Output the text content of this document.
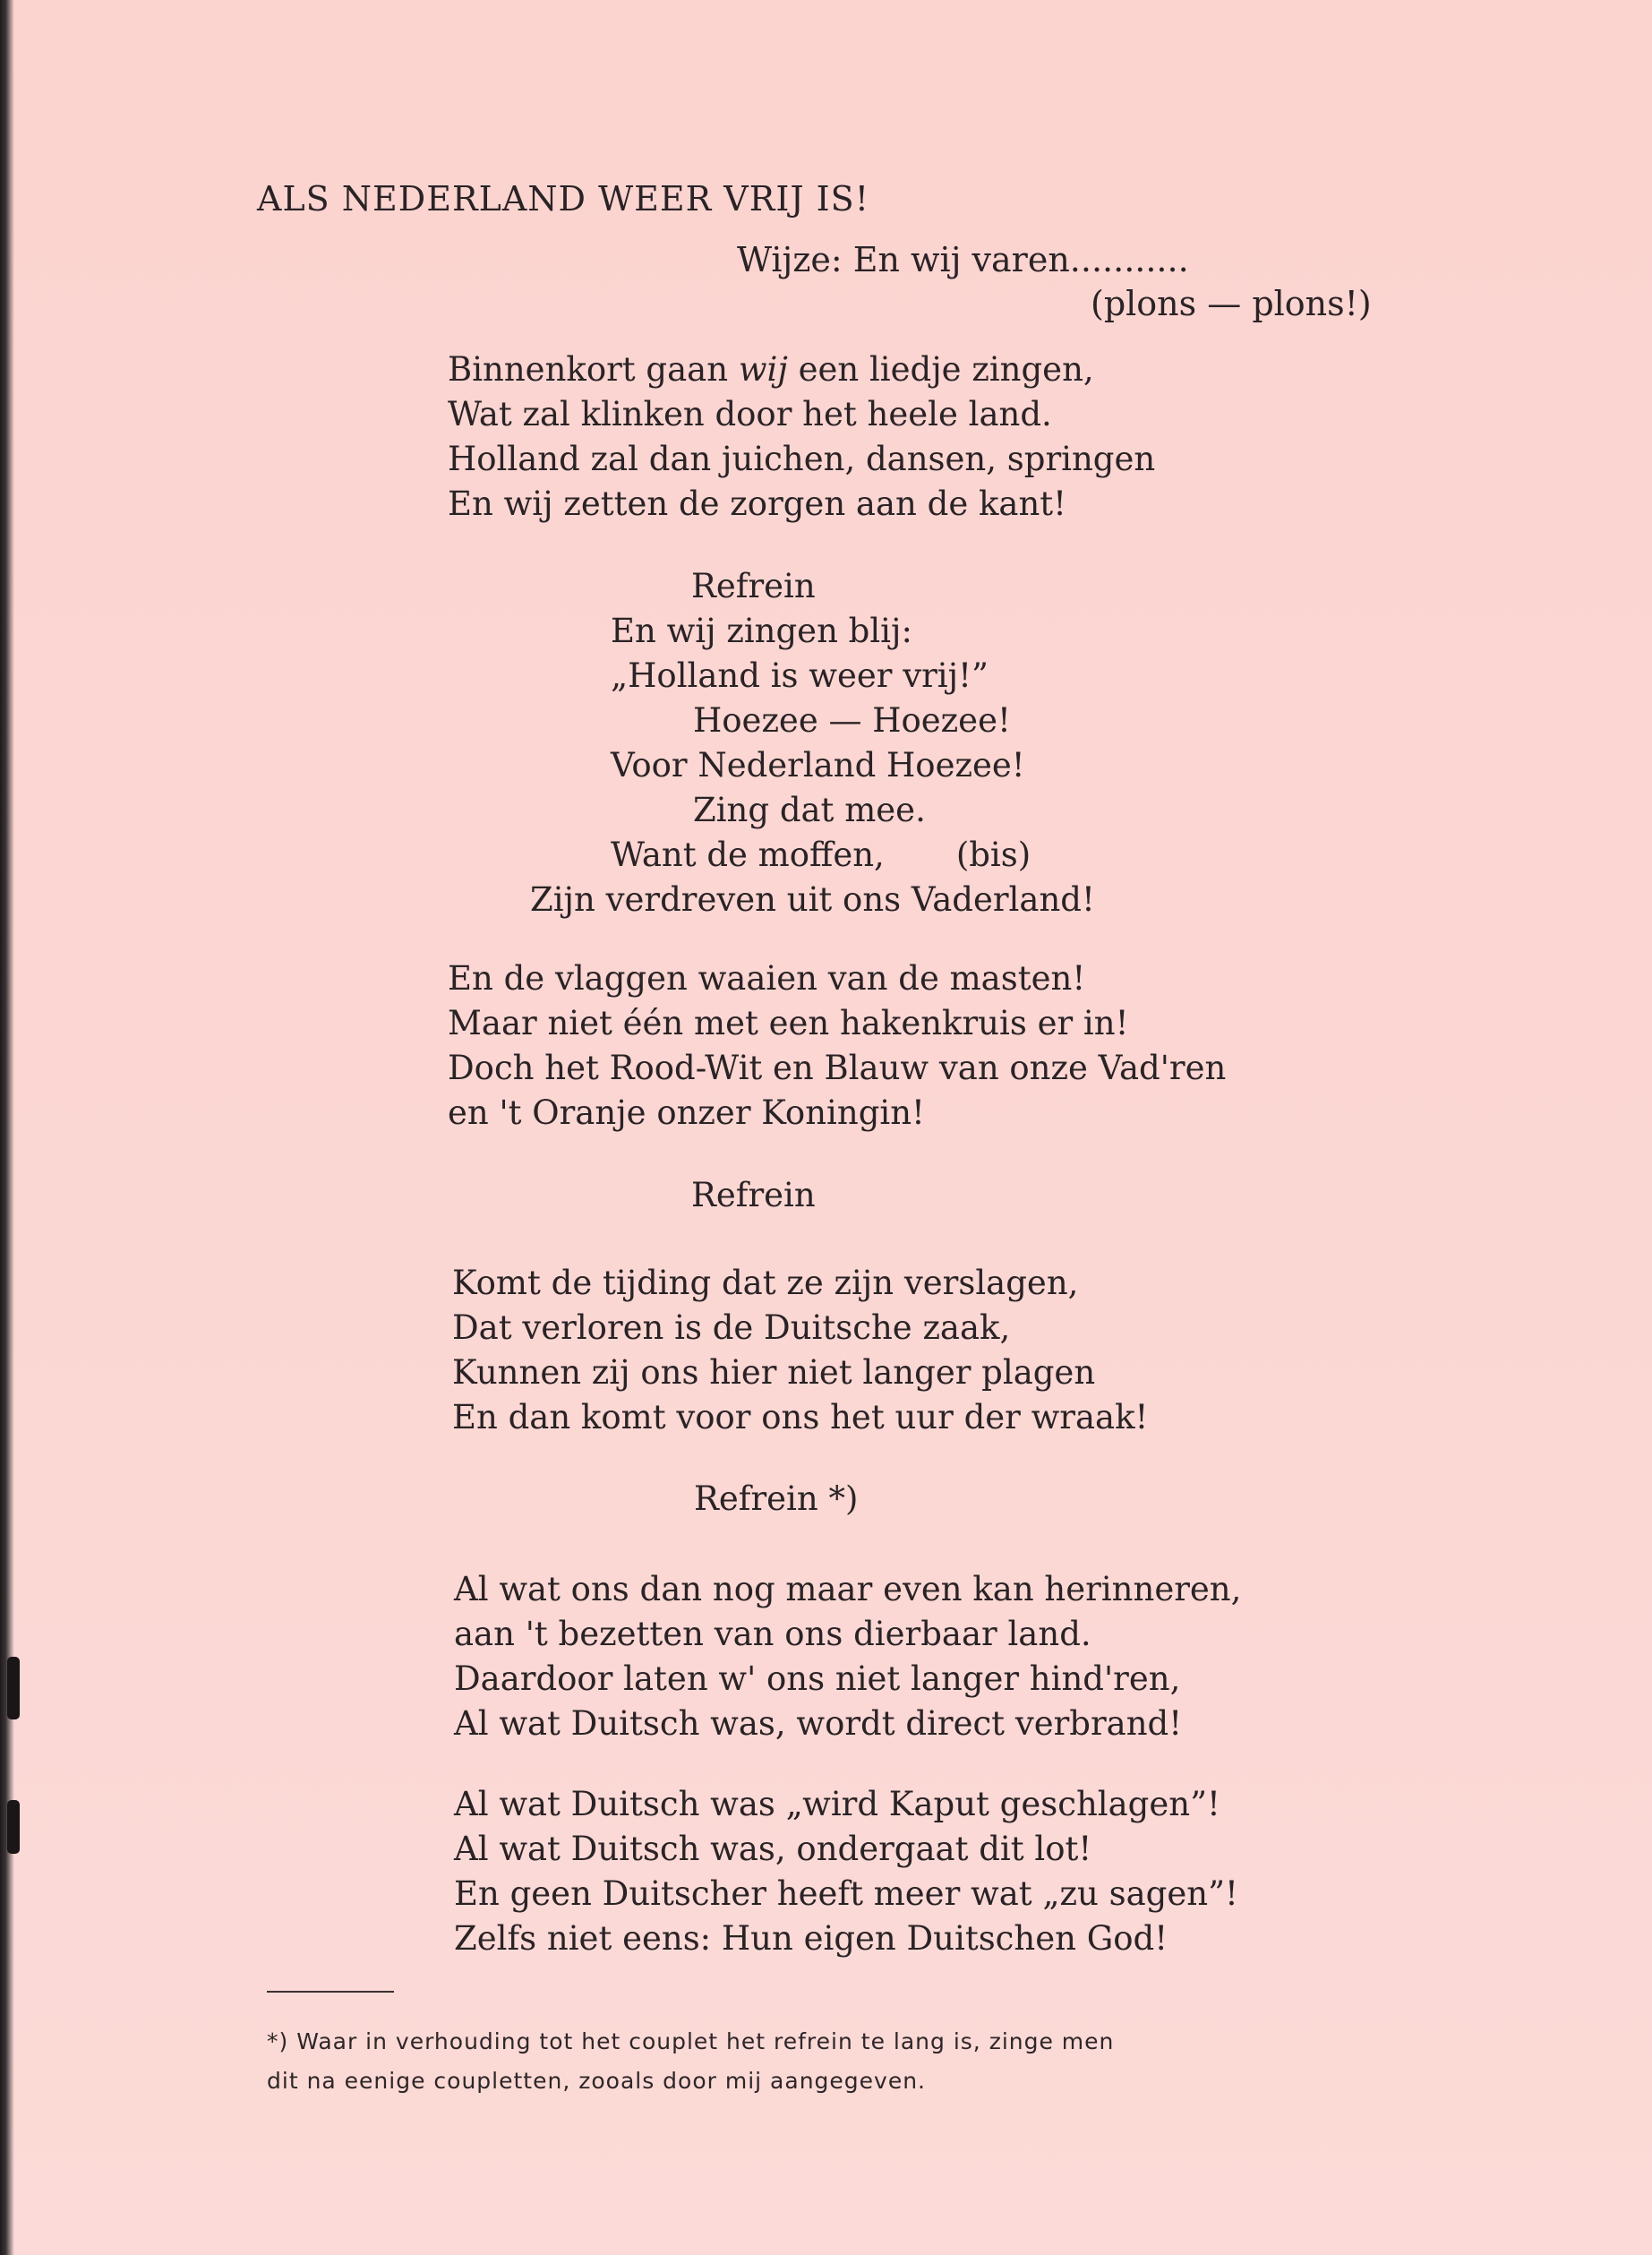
ALS NEDERLAND WEER VRIJ IS!
Wijze: En wij varen...........
(plons — plons!)
Binnenkort gaan wij een liedje zingen,
Wat zal klinken door het heele land.
Holland zal dan juichen, dansen, springen
En wij zetten de zorgen aan de kant!
Refrein
En wij zingen blij:
„Holland is weer vrij!”
Hoezee — Hoezee!
Voor Nederland Hoezee!
Zing dat mee.
Want de moffen, (bis)
Zijn verdreven uit ons Vaderland!
En de vlaggen waaien van de masten!
Maar niet één met een hakenkruis er in!
Doch het Rood-Wit en Blauw van onze Vad'ren
en 't Oranje onzer Koningin!
Refrein
Komt de tijding dat ze zijn verslagen,
Dat verloren is de Duitsche zaak,
Kunnen zij ons hier niet langer plagen
En dan komt voor ons het uur der wraak!
Refrein *)
Al wat ons dan nog maar even kan herinneren,
aan 't bezetten van ons dierbaar land.
Daardoor laten w' ons niet langer hind'ren,
Al wat Duitsch was, wordt direct verbrand!
Al wat Duitsch was „wird Kaput geschlagen”!
Al wat Duitsch was, ondergaat dit lot!
En geen Duitscher heeft meer wat „zu sagen”!
Zelfs niet eens: Hun eigen Duitschen God!
*) Waar in verhouding tot het couplet het refrein te lang is, zinge men
dit na eenige coupletten, zooals door mij aangegeven.
